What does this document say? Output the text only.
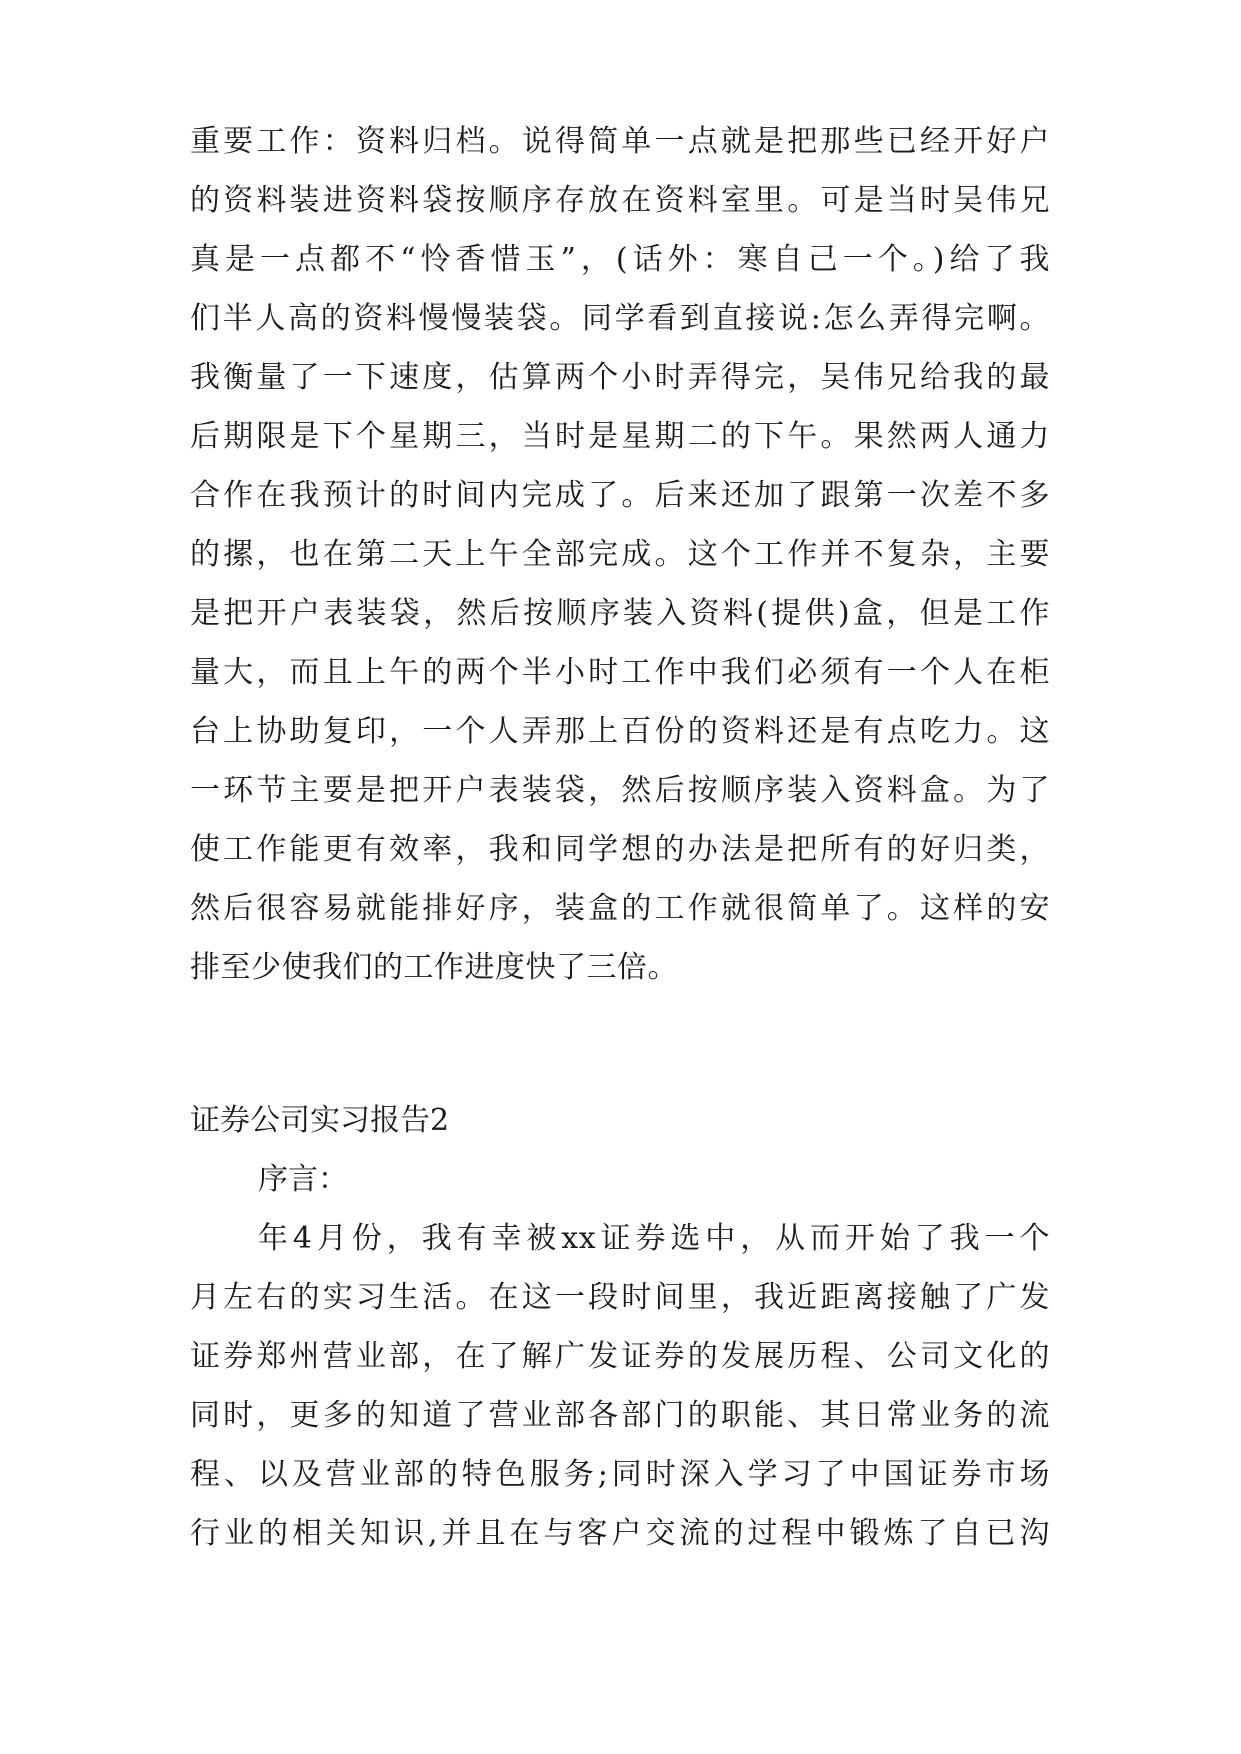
重要工作：资料归档。说得简单一点就是把那些已经开好户
的资料装进资料袋按顺序存放在资料室里。可是当时吴伟兄
真是一点都不“怜香惜玉”，(话外：寒自己一个。)给了我
们半人高的资料慢慢装袋。同学看到直接说:怎么弄得完啊。
我衡量了一下速度，估算两个小时弄得完，吴伟兄给我的最
后期限是下个星期三，当时是星期二的下午。果然两人通力
合作在我预计的时间内完成了。后来还加了跟第一次差不多
的摞，也在第二天上午全部完成。这个工作并不复杂，主要
是把开户表装袋，然后按顺序装入资料(提供)盒，但是工作
量大，而且上午的两个半小时工作中我们必须有一个人在柜
台上协助复印，一个人弄那上百份的资料还是有点吃力。这
一环节主要是把开户表装袋，然后按顺序装入资料盒。为了
使工作能更有效率，我和同学想的办法是把所有的好归类，
然后很容易就能排好序，装盒的工作就很简单了。这样的安
排至少使我们的工作进度快了三倍。
证券公司实习报告2
序言：
年4月份，我有幸被xx证券选中，从而开始了我一个
月左右的实习生活。在这一段时间里，我近距离接触了广发
证券郑州营业部，在了解广发证券的发展历程、公司文化的
同时，更多的知道了营业部各部门的职能、其日常业务的流
程、以及营业部的特色服务;同时深入学习了中国证券市场
行业的相关知识,并且在与客户交流的过程中锻炼了自已沟
